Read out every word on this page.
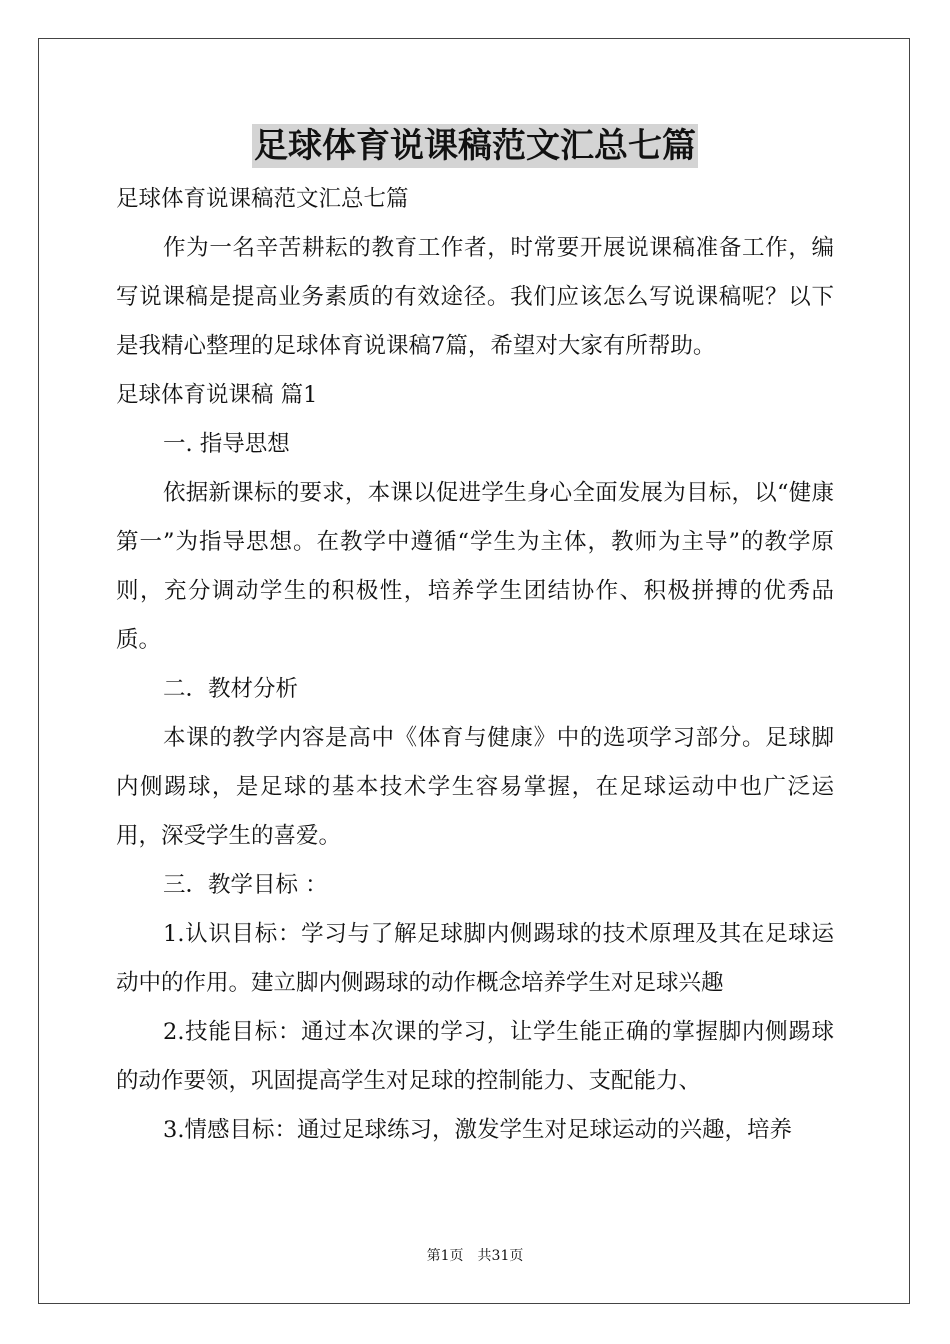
足球体育说课稿范文汇总七篇

足球体育说课稿范文汇总七篇

作为一名辛苦耕耘的教育工作者，时常要开展说课稿准备工作，编写说课稿是提高业务素质的有效途径。我们应该怎么写说课稿呢？以下是我精心整理的足球体育说课稿7篇，希望对大家有所帮助。

足球体育说课稿 篇1

一. 指导思想

依据新课标的要求，本课以促进学生身心全面发展为目标，以“健康第一”为指导思想。在教学中遵循“学生为主体，教师为主导”的教学原则，充分调动学生的积极性，培养学生团结协作、积极拼搏的优秀品质。

二．教材分析

本课的教学内容是高中《体育与健康》中的选项学习部分。足球脚内侧踢球，是足球的基本技术学生容易掌握，在足球运动中也广泛运用，深受学生的喜爱。

三．教学目标 ：

1.认识目标：学习与了解足球脚内侧踢球的技术原理及其在足球运动中的作用。建立脚内侧踢球的动作概念培养学生对足球兴趣

2.技能目标：通过本次课的学习，让学生能正确的掌握脚内侧踢球的动作要领，巩固提高学生对足球的控制能力、支配能力、

3.情感目标：通过足球练习，激发学生对足球运动的兴趣，培养

第1页 共31页
